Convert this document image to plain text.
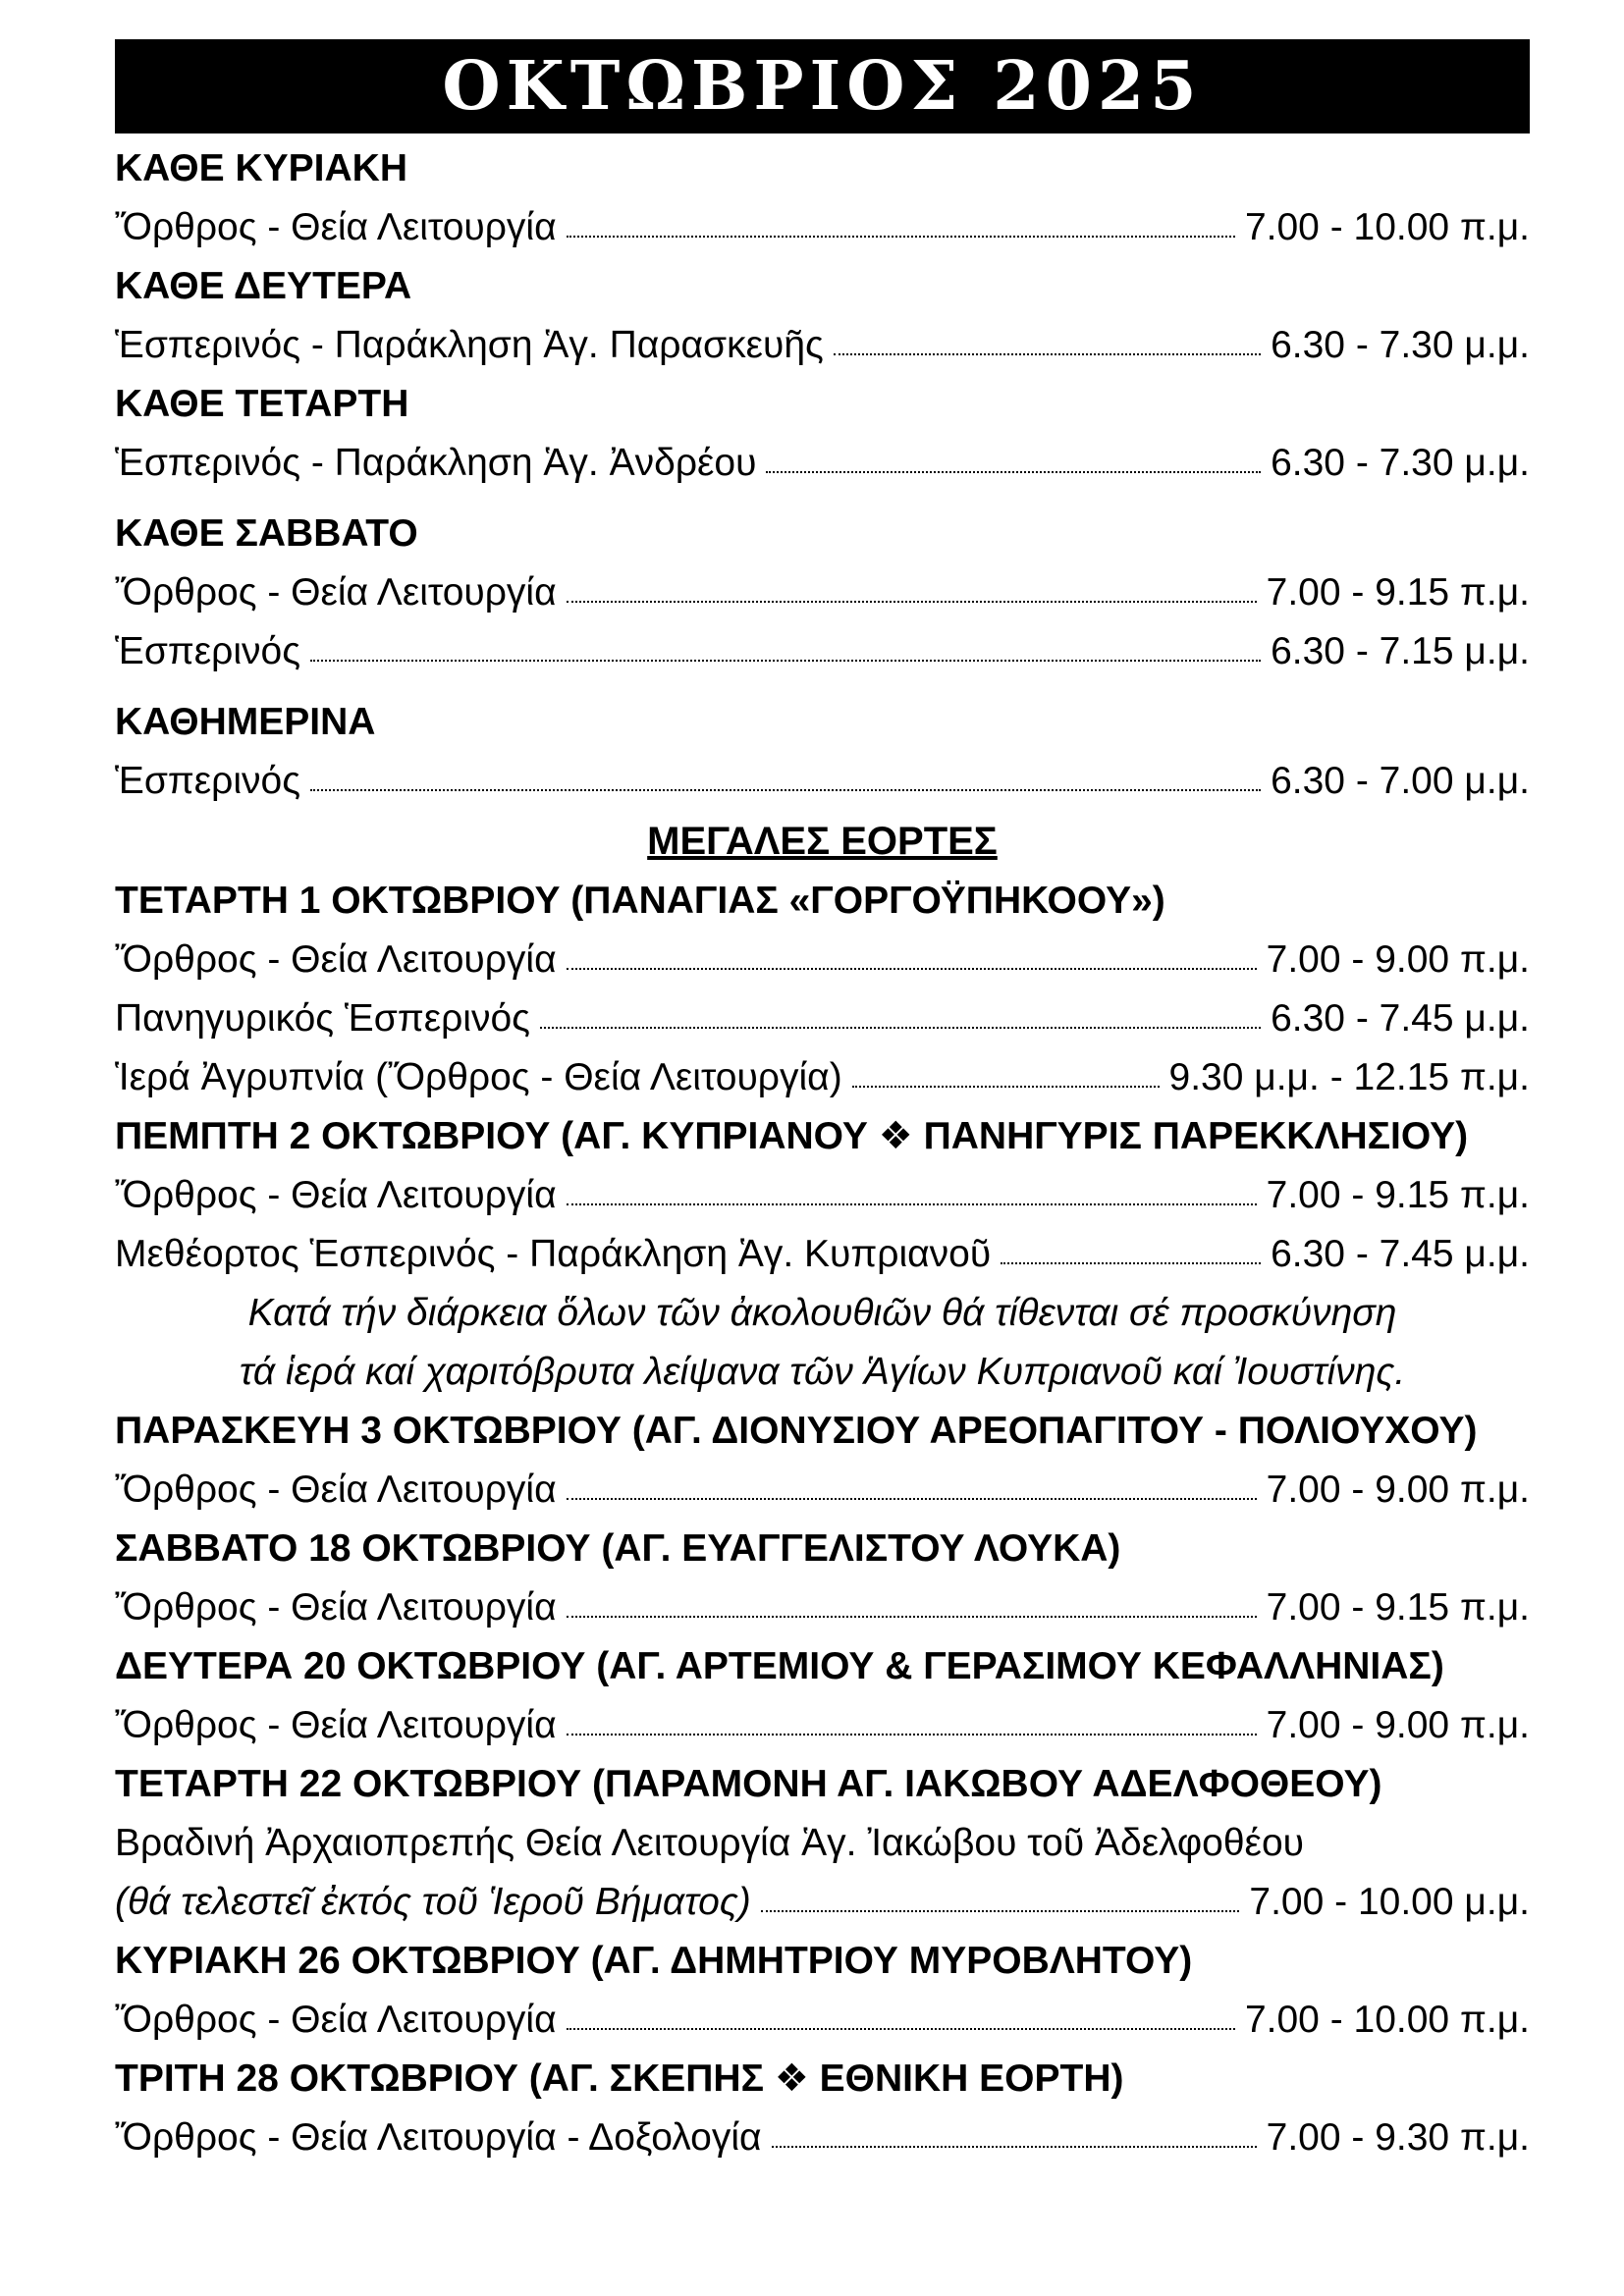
ΟΚΤΩΒΡΙΟΣ 2025
ΚΑΘΕ ΚΥΡΙΑΚΗ
Ὄρθρος - Θεία Λειτουργία	7.00 - 10.00 π.μ.
ΚΑΘΕ ΔΕΥΤΕΡΑ
Ἑσπερινός - Παράκληση Ἁγ. Παρασκευῆς	6.30 - 7.30 μ.μ.
ΚΑΘΕ ΤΕΤΑΡΤΗ
Ἑσπερινός - Παράκληση Ἁγ. Ἀνδρέου	6.30 - 7.30 μ.μ.
ΚΑΘΕ ΣΑΒΒΑΤΟ
Ὄρθρος - Θεία Λειτουργία	7.00 - 9.15 π.μ.
Ἑσπερινός	6.30 - 7.15 μ.μ.
ΚΑΘΗΜΕΡΙΝΑ
Ἑσπερινός	6.30 - 7.00 μ.μ.
ΜΕΓΑΛΕΣ ΕΟΡΤΕΣ
ΤΕΤΑΡΤΗ 1 ΟΚΤΩΒΡΙΟΥ (ΠΑΝΑΓΙΑΣ «ΓΟΡΓΟΫΠΗΚΟΟΥ»)
Ὄρθρος - Θεία Λειτουργία	7.00 - 9.00 π.μ.
Πανηγυρικός Ἑσπερινός	6.30 - 7.45 μ.μ.
Ἱερά Ἀγρυπνία (Ὄρθρος - Θεία Λειτουργία)	9.30 μ.μ. - 12.15 π.μ.
ΠΕΜΠΤΗ 2 ΟΚΤΩΒΡΙΟΥ (ΑΓ. ΚΥΠΡΙΑΝΟΥ ❖ ΠΑΝΗΓΥΡΙΣ ΠΑΡΕΚΚΛΗΣΙΟΥ)
Ὄρθρος - Θεία Λειτουργία	7.00 - 9.15 π.μ.
Μεθέορτος Ἑσπερινός - Παράκληση Ἁγ. Κυπριανοῦ	6.30 - 7.45 μ.μ.
Κατά τήν διάρκεια ὅλων τῶν ἀκολουθιῶν θά τίθενται σέ προσκύνηση
τά ἱερά καί χαριτόβρυτα λείψανα τῶν Ἁγίων Κυπριανοῦ καί Ἰουστίνης.
ΠΑΡΑΣΚΕΥΗ 3 ΟΚΤΩΒΡΙΟΥ (ΑΓ. ΔΙΟΝΥΣΙΟΥ ΑΡΕΟΠΑΓΙΤΟΥ - ΠΟΛΙΟΥΧΟΥ)
Ὄρθρος - Θεία Λειτουργία	7.00 - 9.00 π.μ.
ΣΑΒΒΑΤΟ 18 ΟΚΤΩΒΡΙΟΥ (ΑΓ. ΕΥΑΓΓΕΛΙΣΤΟΥ ΛΟΥΚΑ)
Ὄρθρος - Θεία Λειτουργία	7.00 - 9.15 π.μ.
ΔΕΥΤΕΡΑ 20 ΟΚΤΩΒΡΙΟΥ (ΑΓ. ΑΡΤΕΜΙΟΥ & ΓΕΡΑΣΙΜΟΥ ΚΕΦΑΛΛΗΝΙΑΣ)
Ὄρθρος - Θεία Λειτουργία	7.00 - 9.00 π.μ.
ΤΕΤΑΡΤΗ 22 ΟΚΤΩΒΡΙΟΥ (ΠΑΡΑΜΟΝΗ ΑΓ. ΙΑΚΩΒΟΥ ΑΔΕΛΦΟΘΕΟΥ)
Βραδινή Ἀρχαιοπρεπής Θεία Λειτουργία Ἁγ. Ἰακώβου τοῦ Ἀδελφοθέου
(θά τελεστεῖ ἐκτός τοῦ Ἱεροῦ Βήματος)	7.00 - 10.00 μ.μ.
ΚΥΡΙΑΚΗ 26 ΟΚΤΩΒΡΙΟΥ (ΑΓ. ΔΗΜΗΤΡΙΟΥ ΜΥΡΟΒΛΗΤΟΥ)
Ὄρθρος - Θεία Λειτουργία	7.00 - 10.00 π.μ.
ΤΡΙΤΗ 28 ΟΚΤΩΒΡΙΟΥ (ΑΓ. ΣΚΕΠΗΣ ❖ ΕΘΝΙΚΗ ΕΟΡΤΗ)
Ὄρθρος - Θεία Λειτουργία - Δοξολογία	7.00 - 9.30 π.μ.
